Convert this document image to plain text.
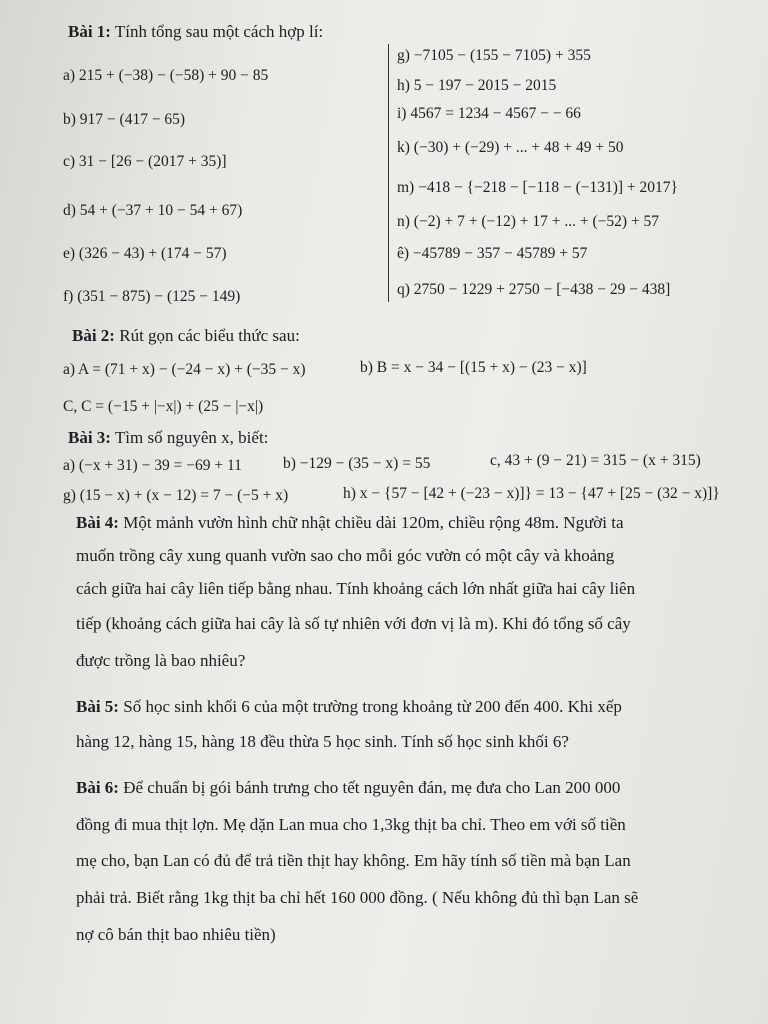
Bài 1: Tính tổng sau một cách hợp lí:
a) 215 + (−38) − (−58) + 90 − 85
b) 917 − (417 − 65)
c) 31 − [26 − (2017 + 35)]
d) 54 + (−37 + 10 − 54 + 67)
e) (326 − 43) + (174 − 57)
f) (351 − 875) − (125 − 149)
g) −7105 − (155 − 7105) + 355
h) 5 − 197 − 2015 − 2015
i) 4567 = 1234 − 4567 − − 66
k) (−30) + (−29) + ... + 48 + 49 + 50
m) −418 − {−218 − [−118 − (−131)] + 2017}
n) (−2) + 7 + (−12) + 17 + ... + (−52) + 57
ê) −45789 − 357 − 45789 + 57
q) 2750 − 1229 + 2750 − [−438 − 29 − 438]
Bài 2: Rút gọn các biểu thức sau:
a) A = (71 + x) − (−24 − x) + (−35 − x)	b) B = x − 34 − [(15 + x) − (23 − x)]
C, C = (−15 + |−x|) + (25 − |−x|)
Bài 3: Tìm số nguyên x, biết:
a) (−x + 31) − 39 = −69 + 11	b) −129 − (35 − x) = 55	c, 43 + (9 − 21) = 315 − (x + 315)
g) (15 − x) + (x − 12) = 7 − (−5 + x)	h) x − {57 − [42 + (−23 − x)]} = 13 − {47 + [25 − (32 − x)]}
Bài 4: Một mảnh vườn hình chữ nhật chiều dài 120m, chiều rộng 48m. Người ta
muốn trồng cây xung quanh vườn sao cho mỗi góc vườn có một cây và khoảng
cách giữa hai cây liên tiếp bằng nhau. Tính khoảng cách lớn nhất giữa hai cây liên
tiếp (khoảng cách giữa hai cây là số tự nhiên với đơn vị là m). Khi đó tổng số cây
được trồng là bao nhiêu?
Bài 5: Số học sinh khối 6 của một trường trong khoảng từ 200 đến 400. Khi xếp
hàng 12, hàng 15, hàng 18 đều thừa 5 học sinh. Tính số học sinh khối 6?
Bài 6: Để chuẩn bị gói bánh trưng cho tết nguyên đán, mẹ đưa cho Lan 200 000
đồng đi mua thịt lợn. Mẹ dặn Lan mua cho 1,3kg thịt ba chỉ. Theo em với số tiền
mẹ cho, bạn Lan có đủ để trả tiền thịt hay không. Em hãy tính số tiền mà bạn Lan
phải trả. Biết rằng 1kg thịt ba chỉ hết 160 000 đồng. ( Nếu không đủ thì bạn Lan sẽ
nợ cô bán thịt bao nhiêu tiền)
